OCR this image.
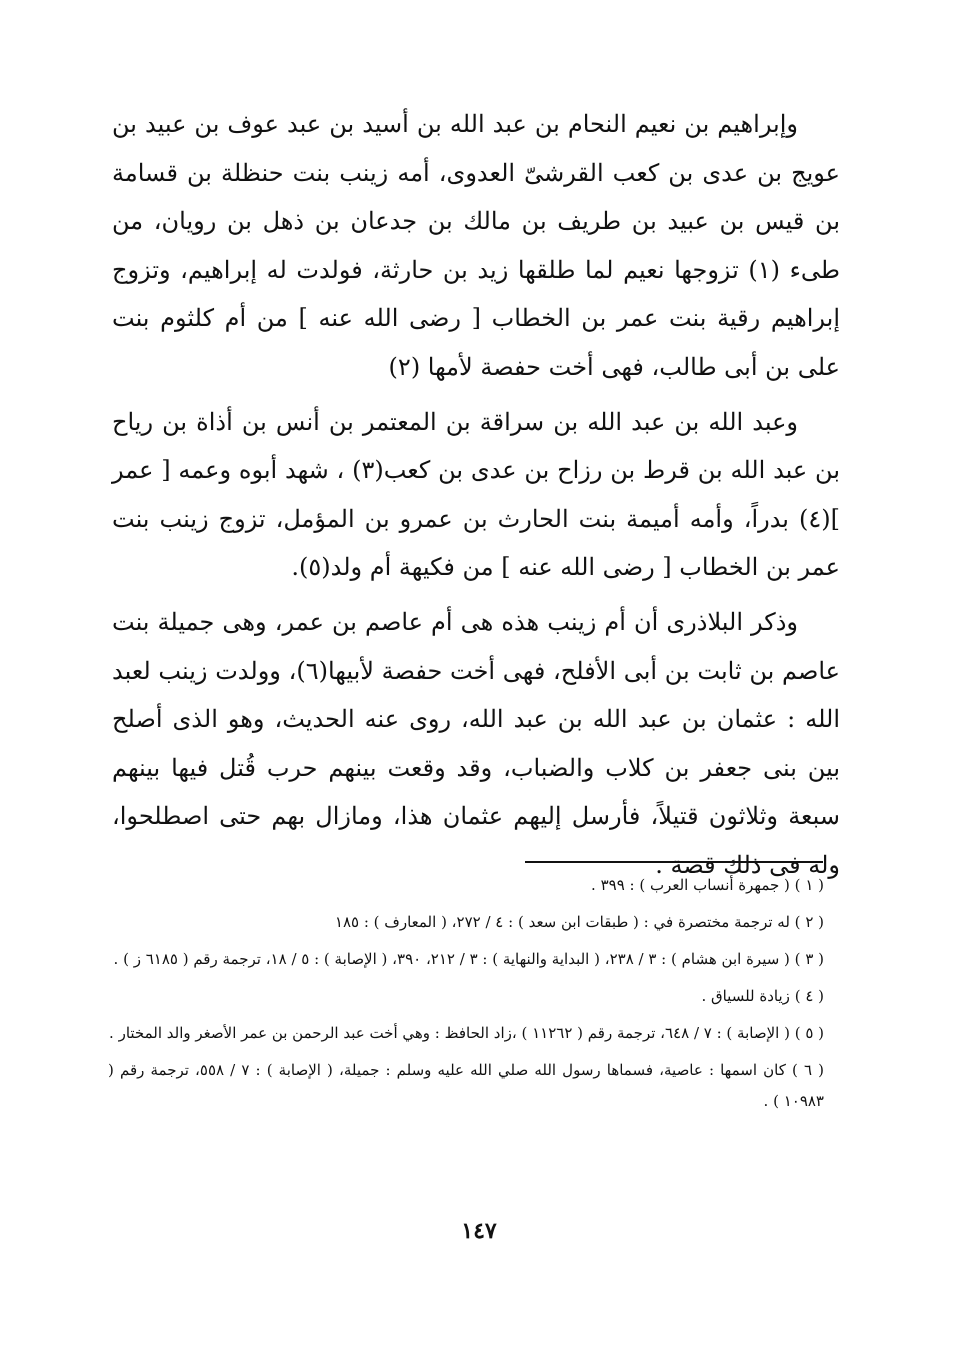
وإبراهيم بن نعيم النحام بن عبد الله بن أسيد بن عبد عوف بن عبيد بن عويج بن عدى بن كعب القرشىّ العدوى، أمه زينب بنت حنظلة بن قسامة بن قيس بن عبيد بن طريف بن مالك بن جدعان بن ذهل بن رويان، من طىء (١) تزوجها نعيم لما طلقها زيد بن حارثة، فولدت له إبراهيم، وتزوج إبراهيم رقية بنت عمر بن الخطاب [ رضى الله عنه ] من أم كلثوم بنت على بن أبى طالب، فهى أخت حفصة لأمها (٢)

وعبد الله بن عبد الله بن سراقة بن المعتمر بن أنس بن أذاة بن رياح بن عبد الله بن قرط بن رزاح بن عدى بن كعب(٣) ، شهد أبوه وعمه [ عمر ](٤) بدراً، وأمه أميمة بنت الحارث بن عمرو بن المؤمل، تزوج زينب بنت عمر بن الخطاب [ رضى الله عنه ] من فكيهة أم ولد(٥).

وذكر البلاذرى أن أم زينب هذه هى أم عاصم بن عمر، وهى جميلة بنت عاصم بن ثابت بن أبى الأفلح، فهى أخت حفصة لأبيها(٦)، وولدت زينب لعبد الله : عثمان بن عبد الله بن عبد الله، روى عنه الحديث، وهو الذى أصلح بين بنى جعفر بن كلاب والضباب، وقد وقعت بينهم حرب قُتل فيها بينهم سبعة وثلاثون قتيلاً، فأرسل إليهم عثمان هذا، ومازال بهم حتى اصطلحوا، وله فى ذلك قصة .

( ١ ) ( جمهرة أنساب العرب ) : ٣٩٩ .

( ٢ ) له ترجمة مختصرة في : ( طبقات ابن سعد ) : ٤ / ٢٧٢، ( المعارف ) : ١٨٥

( ٣ ) ( سيرة ابن هشام ) : ٣ / ٢٣٨، ( البداية والنهاية ) : ٣ / ٢١٢، ٣٩٠، ( الإصابة ) : ٥ / ١٨، ترجمة رقم ( ٦١٨٥ ز ) .

( ٤ ) زيادة للسياق .

( ٥ ) ( الإصابة ) : ٧ / ٦٤٨، ترجمة رقم ( ١١٢٦٢ ) ،زاد الحافظ : وهي أخت عبد الرحمن بن عمر الأصغر والد المختار .

( ٦ ) كان اسمها : عاصية، فسماها رسول الله صلي الله عليه وسلم : جميلة، ( الإصابة ) : ٧ / ٥٥٨، ترجمة رقم ( ١٠٩٨٣ ) .

١٤٧
